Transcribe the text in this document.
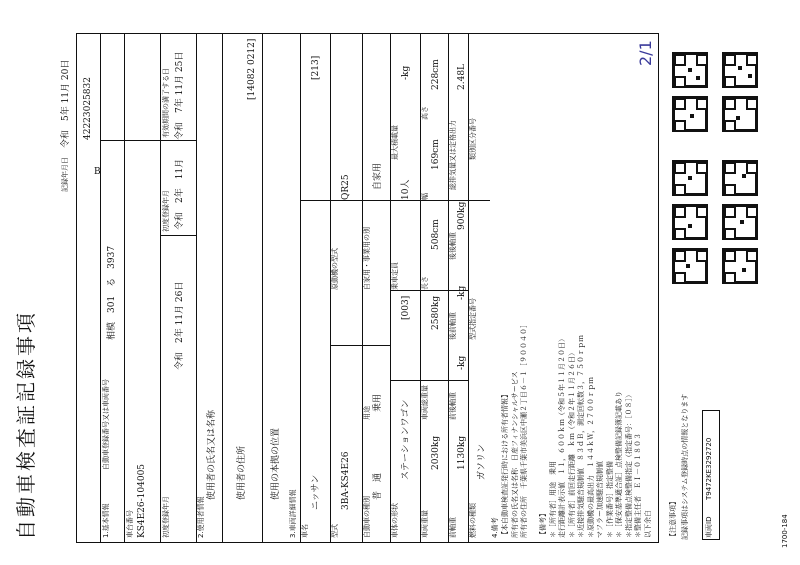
2/1
B
自動車検査証記録事項
記録年月日
令和　5年 11月 20日 42223025832
1.基本情報
自動車登録番号又は車両番号
相模　301　る　3937
車台番号 KS4E26-104005 初度登録年月
令和　2年 11月 26日
初度登録年月 令和　2年　11月
有効期間の満了する日 令和　7年 11月 25日
2.使用者情報
使用者の氏名又は名称 使用者の住所
[14082 0212]
使用の本拠の位置
3.車両詳細情報 車名
ニッサン
[213]
型式
3BA-KS4E26
原動機の型式
QR25
自動車の種別
普　通
用途
乗用
自家用・事業用の別
自家用
車体の形状
ステーションワゴン
[003]
乗車定員
10人
最大積載量
-kg
車両重量
2030kg
車両総重量
2580kg
長さ
508cm
幅
169cm
高さ
228cm
前軸重
1130kg
前後軸重
-kg
後前軸重
-kg
後後軸重
900kg
総排気量又は定格出力
2.48L
燃料の種類
ガソリン
型式指定番号
類別区分番号
4.備考 【本自動車検査証発行時における所有者情報】 所有者の氏名又は名称　日産フィナンシャルサービス 所有者の住所　千葉県千葉市美浜区中瀬２丁目６－１［９００４０］ 【備考】 ＊［所有者］用途　乗用 走行距離計表示値　１１，６００ｋｍ（令和５年１１月２０日） ＊［所有者］前回走行距離　ｋｍ（令和２年１１月２６日） ＊近接排気騒音規制値　８３ｄＢ，測定回転数３，７５０ｒｐｍ ＊原動機の最高出力　１４４ｋＷ，２７００ｒｐｍ マフラー加速騒音規制値　 ＊［作業番号］指定整備 ＊［保安基準適合証］点検整備記録簿記載あり ＊指定整備点検整備指定（指定番号：［０８］） ＊整備主任者　ＥＩ－０１８０３ 以下余白	【注意事項】 記録事項はシステム登録時点の情報となります 車両ID
T9472KE3292720
1700-184
